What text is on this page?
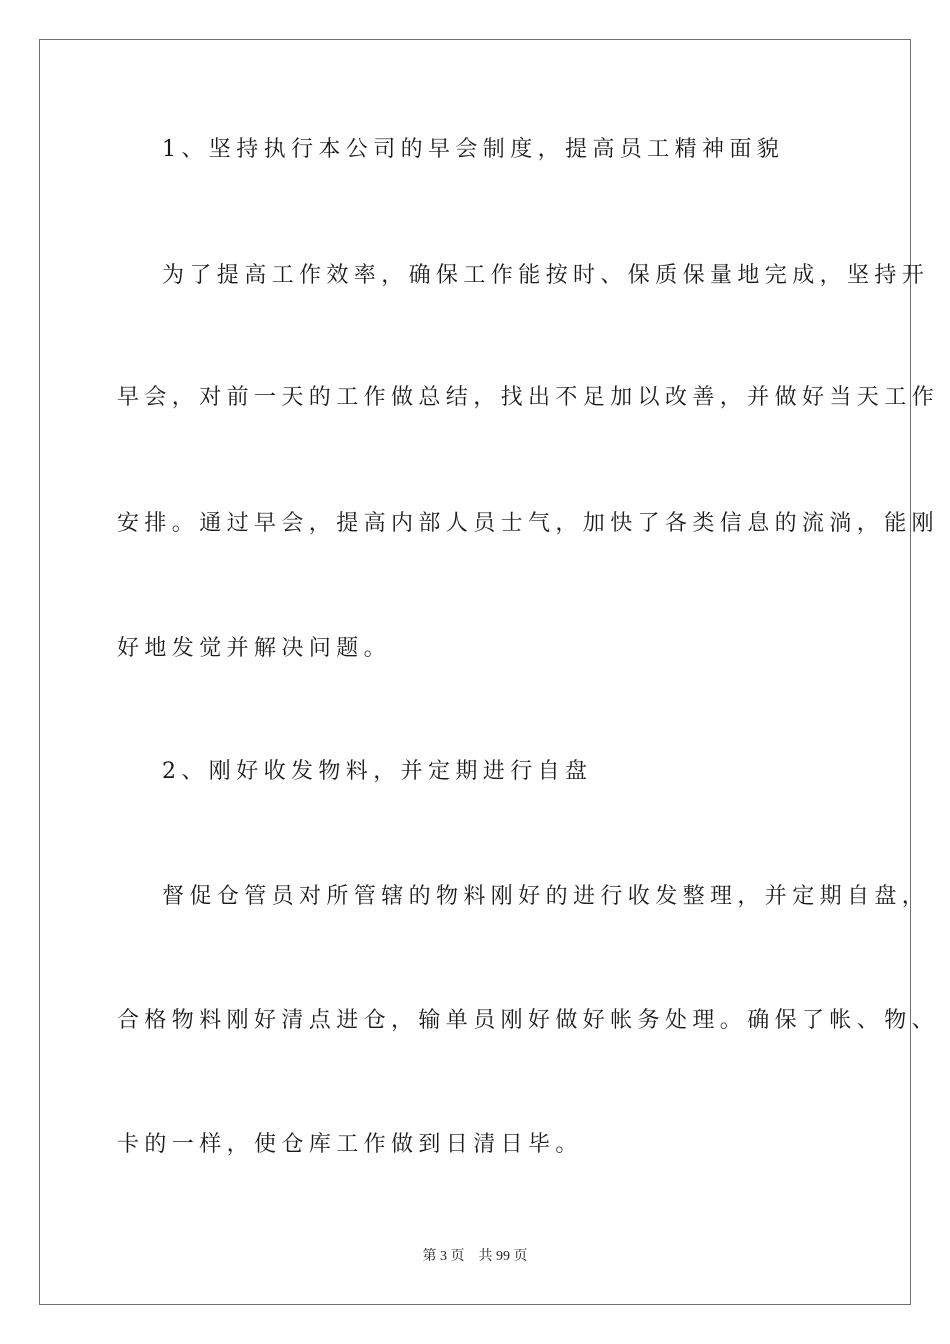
1、坚持执行本公司的早会制度，提高员工精神面貌
为了提高工作效率，确保工作能按时、保质保量地完成，坚持开
早会，对前一天的工作做总结，找出不足加以改善，并做好当天工作
安排。通过早会，提高内部人员士气，加快了各类信息的流淌，能刚
好地发觉并解决问题。
2、刚好收发物料，并定期进行自盘
督促仓管员对所管辖的物料刚好的进行收发整理，并定期自盘，
合格物料刚好清点进仓，输单员刚好做好帐务处理。确保了帐、物、
卡的一样，使仓库工作做到日清日毕。
第 3 页 共 99 页
